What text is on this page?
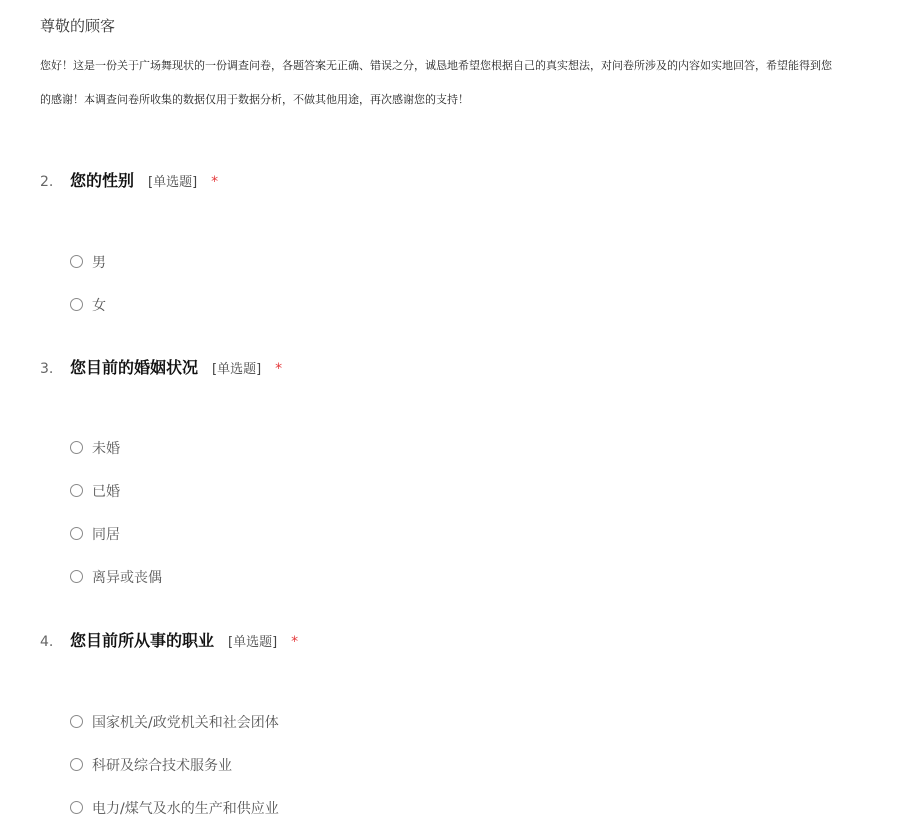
尊敬的顾客
您好！这是一份关于广场舞现状的一份调查问卷，各题答案无正确、错误之分，诚恳地希望您根据自己的真实想法，对问卷所涉及的内容如实地回答，希望能得到您
的感谢！本调查问卷所收集的数据仅用于数据分析，不做其他用途，再次感谢您的支持！
2.	您的性别 [单选题] *
男
女
3.	您目前的婚姻状况 [单选题] *
未婚
已婚
同居
离异或丧偶
4.	您目前所从事的职业 [单选题] *
国家机关/政党机关和社会团体
科研及综合技术服务业
电力/煤气及水的生产和供应业
